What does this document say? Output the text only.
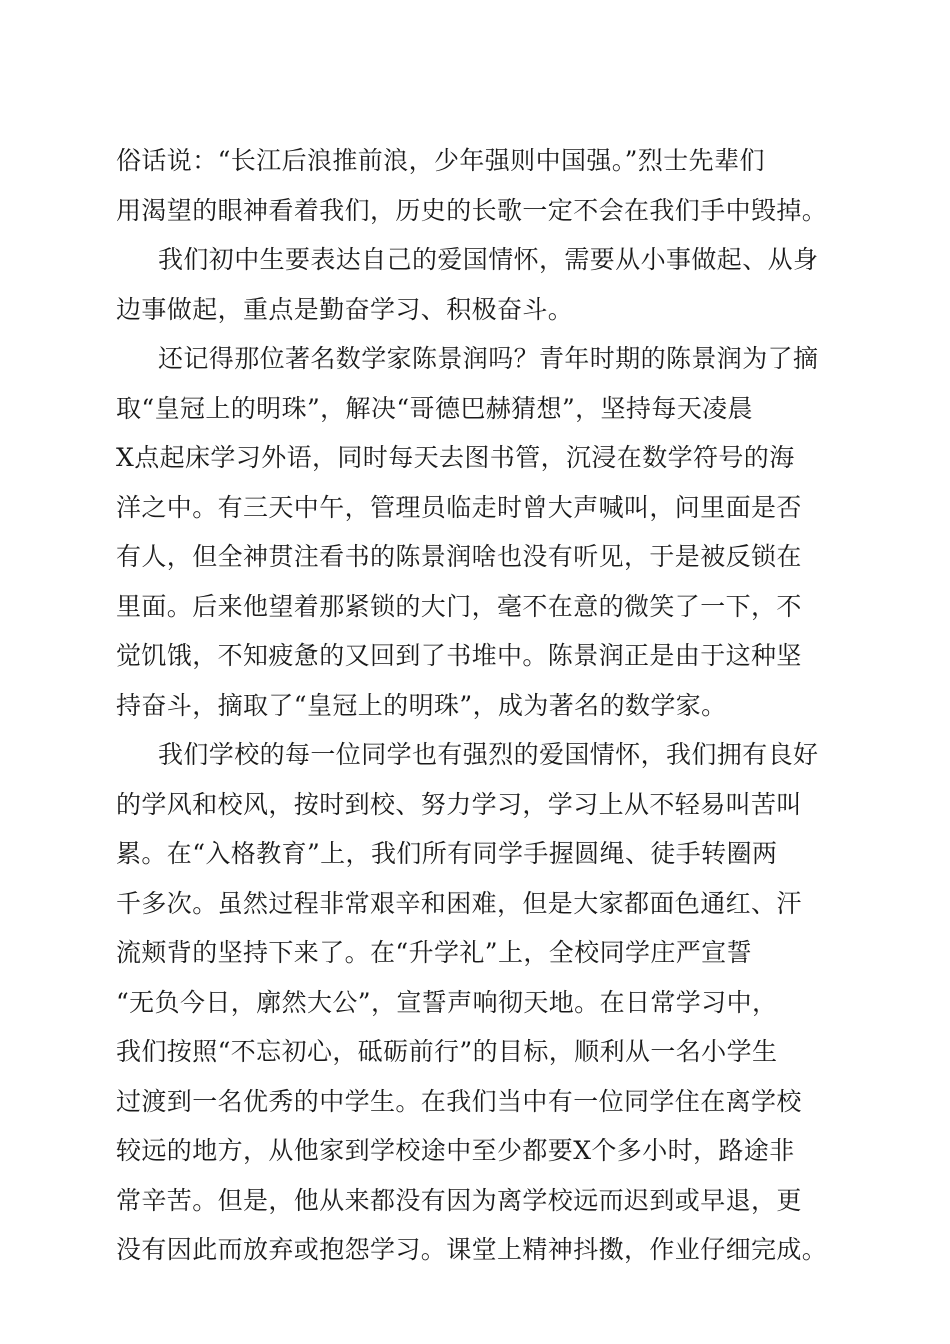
俗话说：“长江后浪推前浪，少年强则中国强。”烈士先辈们
用渴望的眼神看着我们，历史的长歌一定不会在我们手中毁掉。
我们初中生要表达自己的爱国情怀，需要从小事做起、从身
边事做起，重点是勤奋学习、积极奋斗。
还记得那位著名数学家陈景润吗？青年时期的陈景润为了摘
取“皇冠上的明珠”，解决“哥德巴赫猜想”，坚持每天凌晨
X点起床学习外语，同时每天去图书管，沉浸在数学符号的海
洋之中。有三天中午，管理员临走时曾大声喊叫，问里面是否
有人，但全神贯注看书的陈景润啥也没有听见，于是被反锁在
里面。后来他望着那紧锁的大门，毫不在意的微笑了一下，不
觉饥饿，不知疲惫的又回到了书堆中。陈景润正是由于这种坚
持奋斗，摘取了“皇冠上的明珠”，成为著名的数学家。
我们学校的每一位同学也有强烈的爱国情怀，我们拥有良好
的学风和校风，按时到校、努力学习，学习上从不轻易叫苦叫
累。在“入格教育”上，我们所有同学手握圆绳、徒手转圈两
千多次。虽然过程非常艰辛和困难，但是大家都面色通红、汗
流颊背的坚持下来了。在“升学礼”上，全校同学庄严宣誓
“无负今日，廓然大公”，宣誓声响彻天地。在日常学习中，
我们按照“不忘初心，砥砺前行”的目标，顺利从一名小学生
过渡到一名优秀的中学生。在我们当中有一位同学住在离学校
较远的地方，从他家到学校途中至少都要X个多小时，路途非
常辛苦。但是，他从来都没有因为离学校远而迟到或早退，更
没有因此而放弃或抱怨学习。课堂上精神抖擞，作业仔细完成。
